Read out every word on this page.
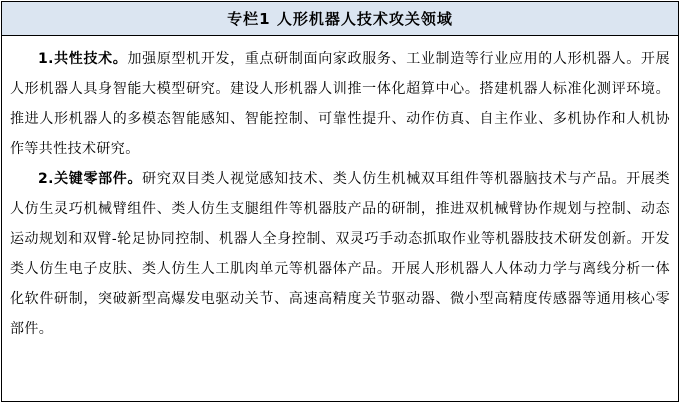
专栏1 人形机器人技术攻关领域

1.共性技术。加强原型机开发，重点研制面向家政服务、工业制造等行业应用的人形机器人。开展人形机器人具身智能大模型研究。建设人形机器人训推一体化超算中心。搭建机器人标准化测评环境。推进人形机器人的多模态智能感知、智能控制、可靠性提升、动作仿真、自主作业、多机协作和人机协作等共性技术研究。

2.关键零部件。研究双目类人视觉感知技术、类人仿生机械双耳组件等机器脑技术与产品。开展类人仿生灵巧机械臂组件、类人仿生支腿组件等机器肢产品的研制，推进双机械臂协作规划与控制、动态运动规划和双臂-轮足协同控制、机器人全身控制、双灵巧手动态抓取作业等机器肢技术研发创新。开发类人仿生电子皮肤、类人仿生人工肌肉单元等机器体产品。开展人形机器人人体动力学与离线分析一体化软件研制，突破新型高爆发电驱动关节、高速高精度关节驱动器、微小型高精度传感器等通用核心零部件。
